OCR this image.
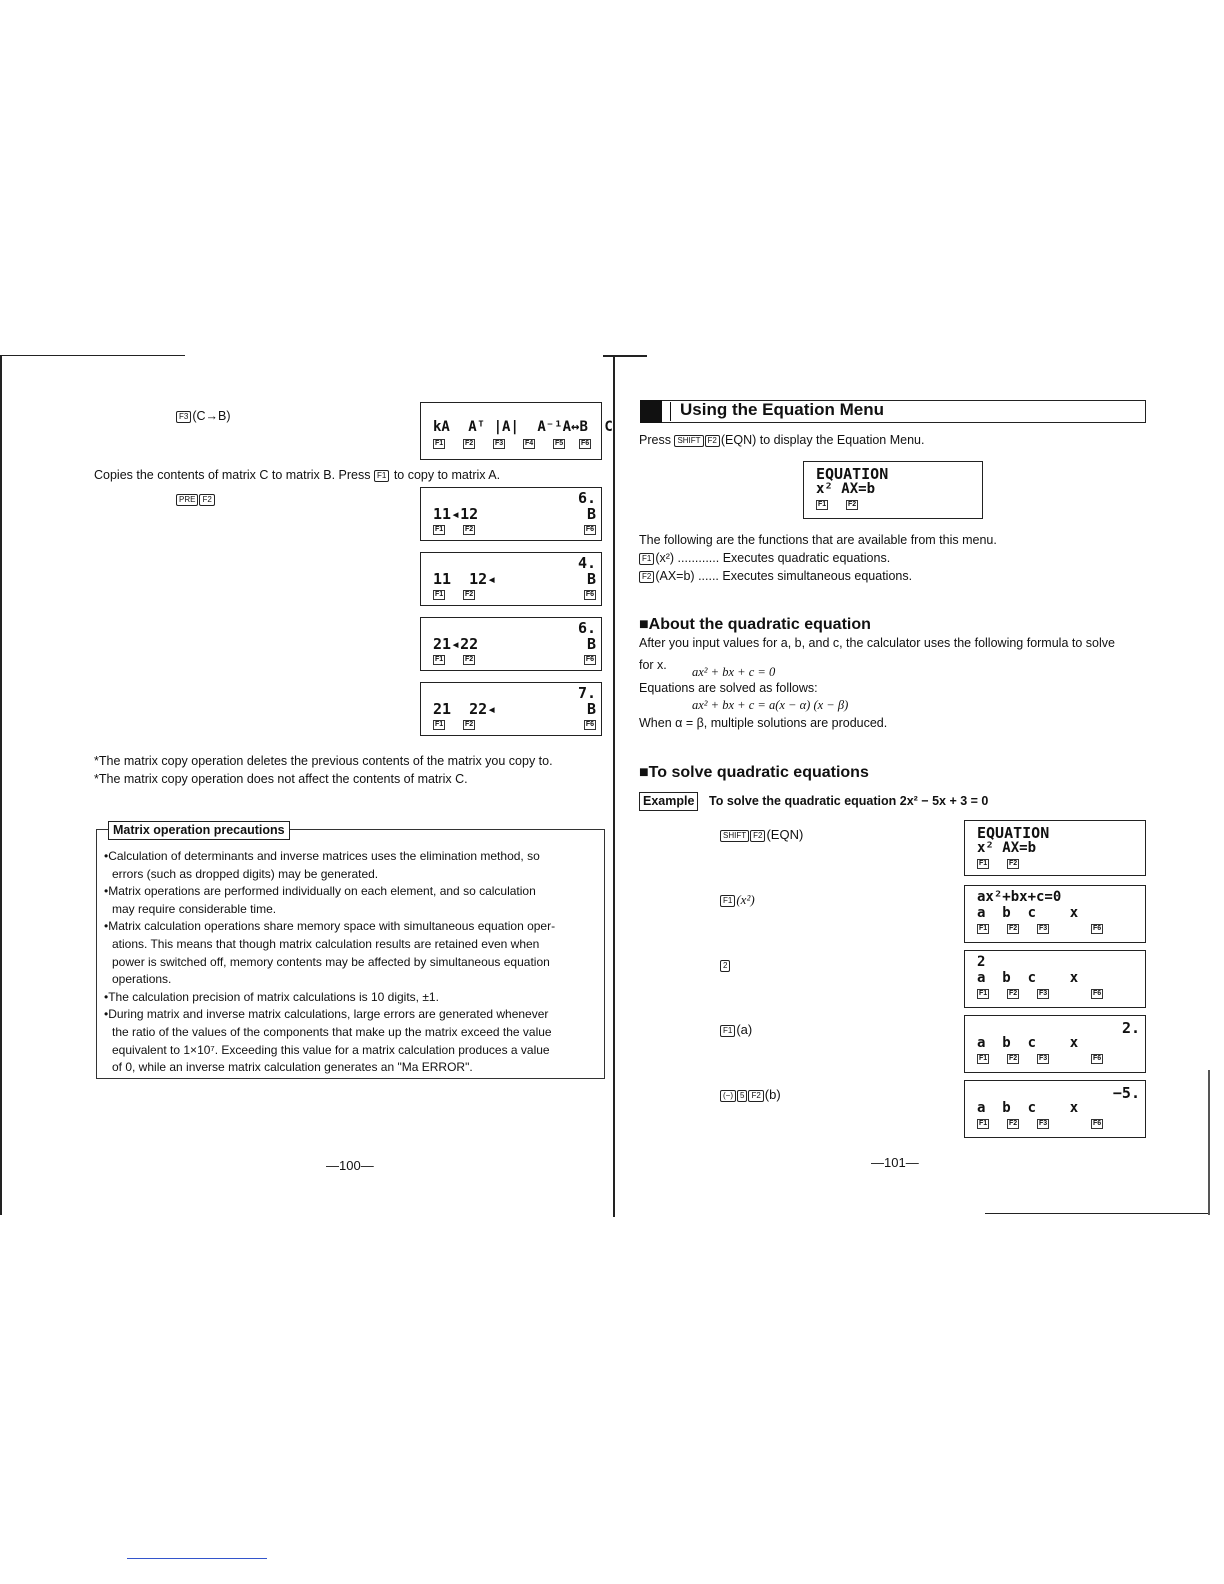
F3 (C→B)
kA Aᵀ |A| A⁻¹A↔B C
F1	F2	F3	F4	F5	F6
Copies the contents of matrix C to matrix B. Press F1 to copy to matrix A.
PRE F2	6.
11◂12	B
F1	F2	F6
4.
11  12◂	B
F1	F2	F6
6.
21◂22	B
F1	F2	F6
7.
21  22◂	B
F1	F2	F6
*The matrix copy operation deletes the previous contents of the matrix you copy to.
*The matrix copy operation does not affect the contents of matrix C.
Matrix operation precautions
•Calculation of determinants and inverse matrices uses the elimination method, so
errors (such as dropped digits) may be generated.
•Matrix operations are performed individually on each element, and so calculation
may require considerable time.
•Matrix calculation operations share memory space with simultaneous equation oper-
ations. This means that though matrix calculation results are retained even when
power is switched off, memory contents may be affected by simultaneous equation
operations.
•The calculation precision of matrix calculations is 10 digits, ±1.
•During matrix and inverse matrix calculations, large errors are generated whenever
the ratio of the values of the components that make up the matrix exceed the value
equivalent to 1×10⁷. Exceeding this value for a matrix calculation produces a value
of 0, while an inverse matrix calculation generates an "Ma ERROR".
—100—
Using the Equation Menu
Press SHIFT F2 (EQN) to display the Equation Menu.
EQUATION
x² AX=b
F1	F2
The following are the functions that are available from this menu.
F1 (x²) ............ Executes quadratic equations.
F2 (AX=b) ...... Executes simultaneous equations.
■About the quadratic equation
After you input values for a, b, and c, the calculator uses the following formula to solve
for x. ax² + bx + c = 0
Equations are solved as follows:
ax² + bx + c = a(x − α) (x − β)
When α = β, multiple solutions are produced.
■To solve quadratic equations
Example	To solve the quadratic equation 2x² − 5x + 3 = 0
SHIFT F2 (EQN)
F1 (x²)
2
F1 (a)
(−) 5 F2 (b)
EQUATION
x² AX=b
F1	F2
ax²+bx+c=0
a  b  c    x
F1	F2	F3	F6
2
a  b  c    x
F1	F2	F3	F6
2.
a  b  c    x
F1	F2	F3	F6
−5.
a  b  c    x
F1	F2	F3	F6
—101—
